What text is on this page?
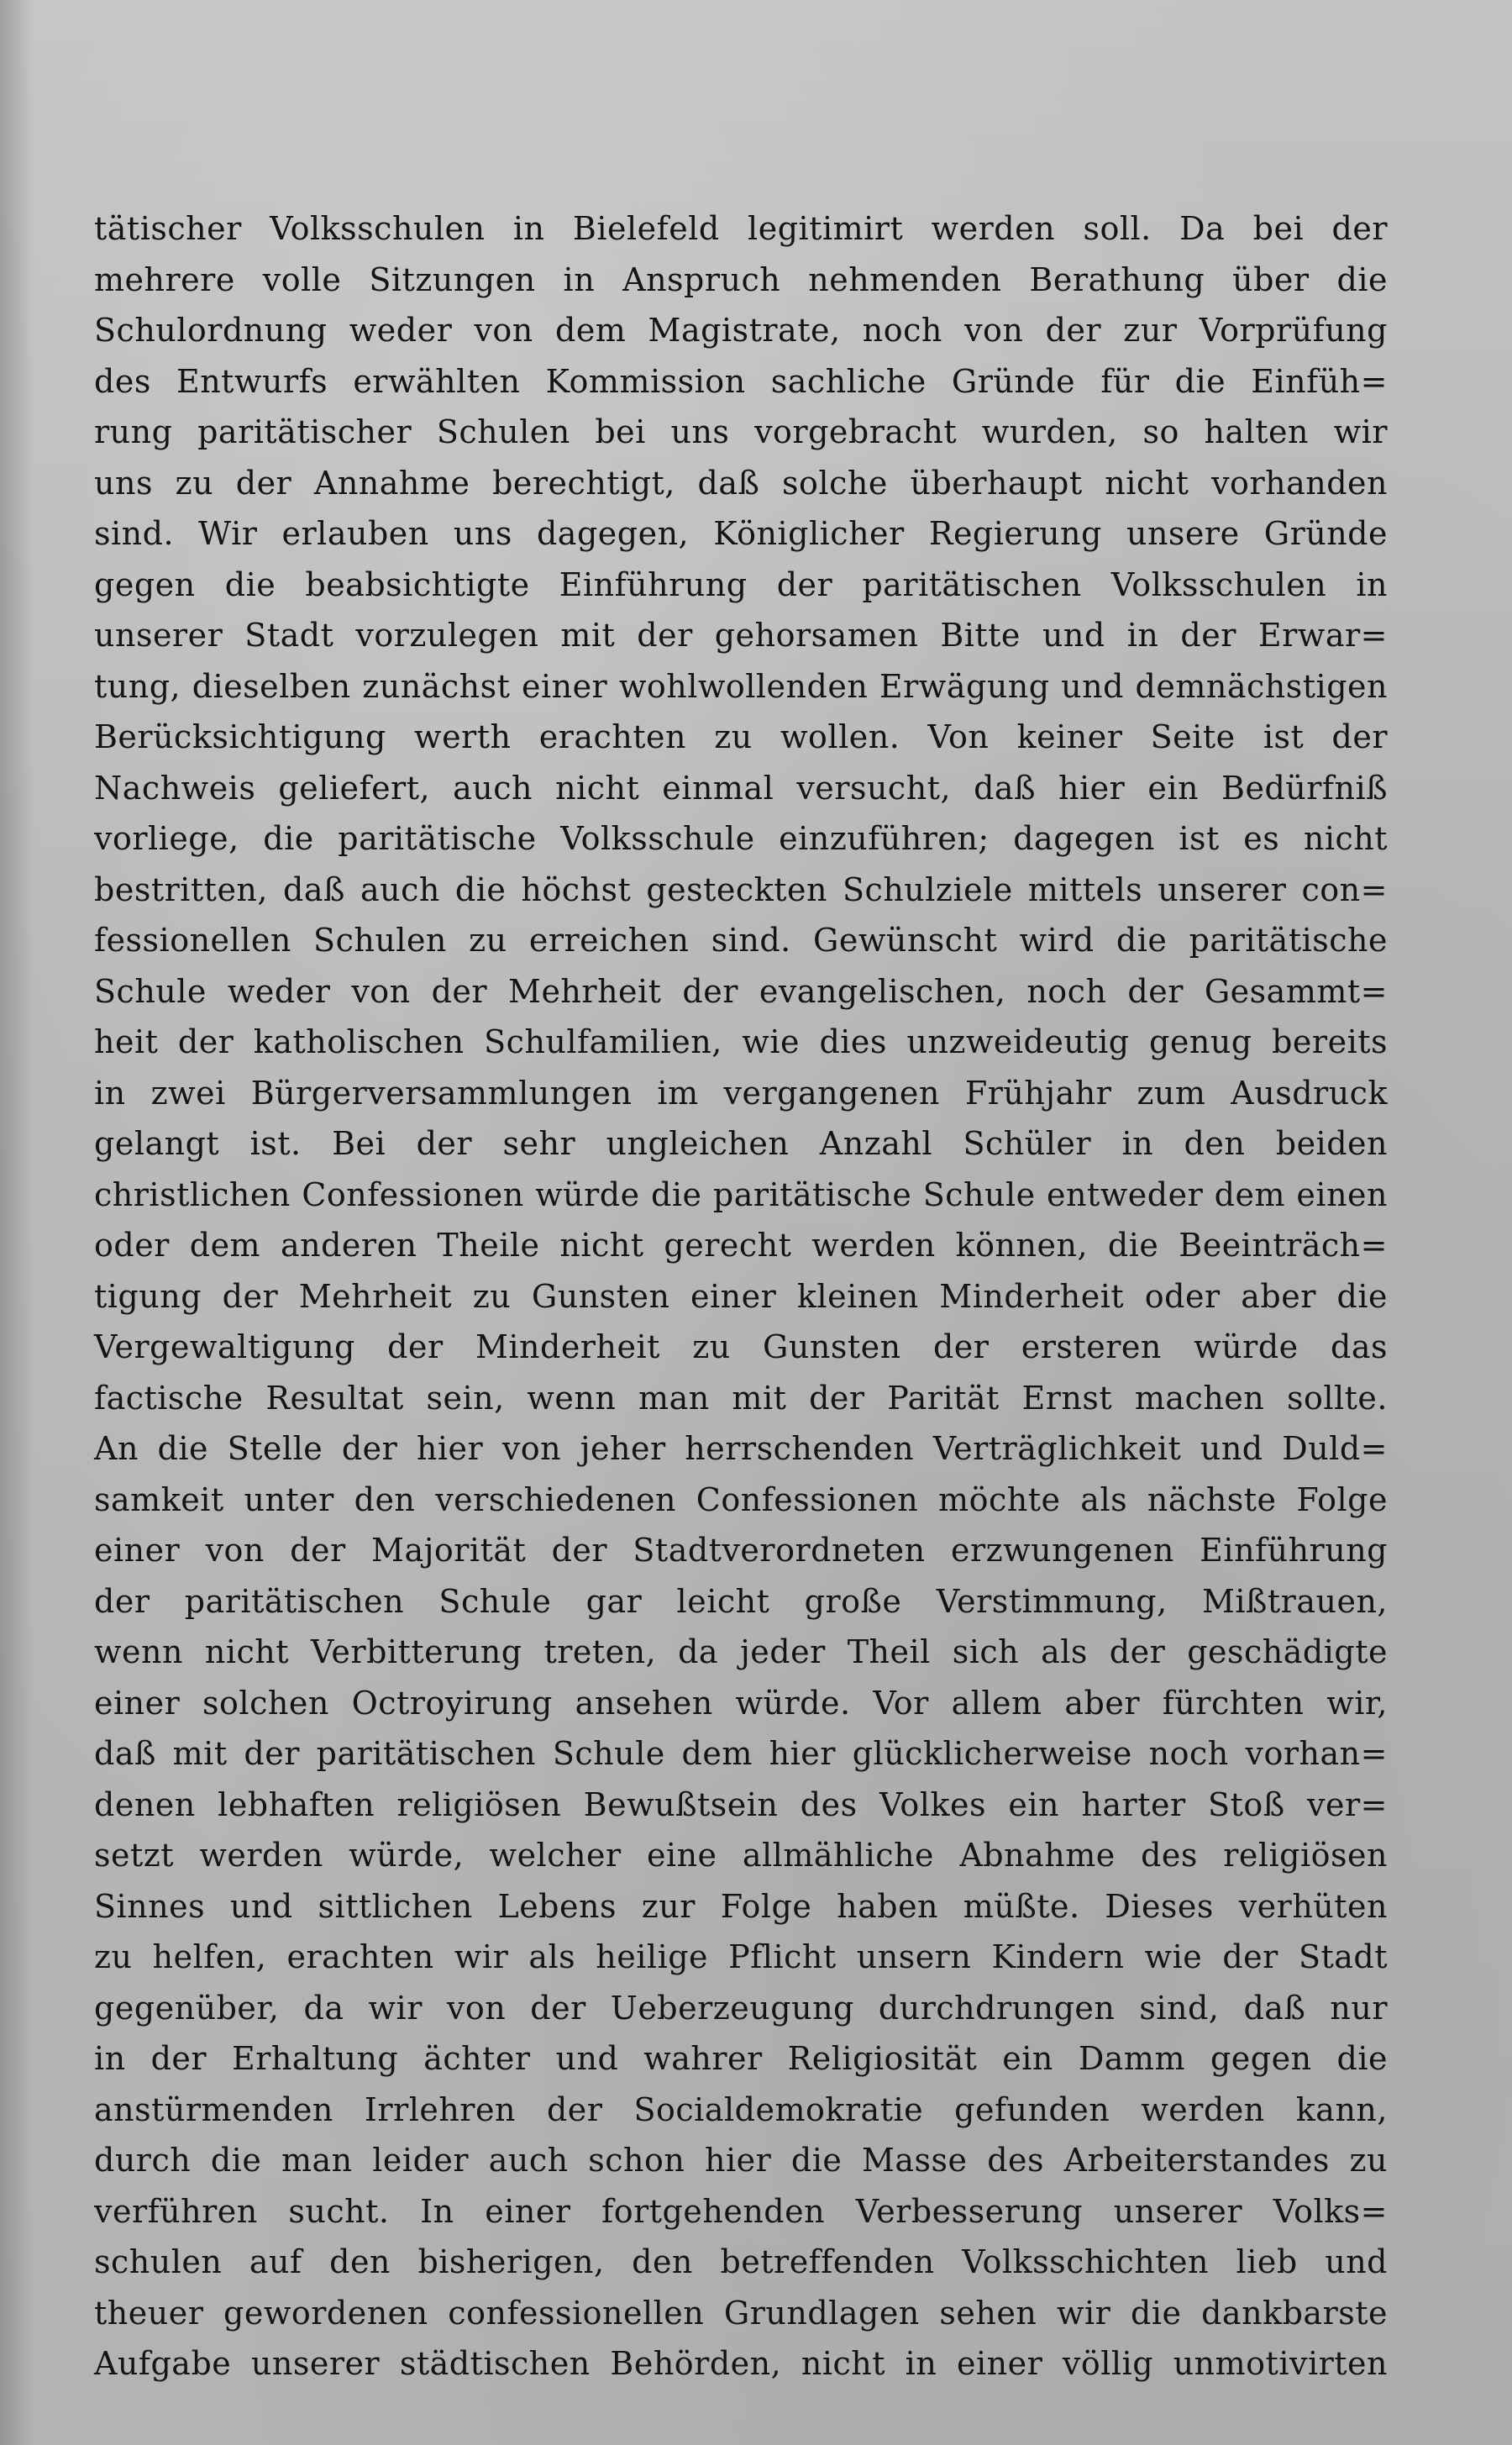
tätischer Volksschulen in Bielefeld legitimirt werden soll. Da bei der
mehrere volle Sitzungen in Anspruch nehmenden Berathung über die
Schulordnung weder von dem Magistrate, noch von der zur Vorprüfung
des Entwurfs erwählten Kommission sachliche Gründe für die Einfüh=
rung paritätischer Schulen bei uns vorgebracht wurden, so halten wir
uns zu der Annahme berechtigt, daß solche überhaupt nicht vorhanden
sind. Wir erlauben uns dagegen, Königlicher Regierung unsere Gründe
gegen die beabsichtigte Einführung der paritätischen Volksschulen in
unserer Stadt vorzulegen mit der gehorsamen Bitte und in der Erwar=
tung, dieselben zunächst einer wohlwollenden Erwägung und demnächstigen
Berücksichtigung werth erachten zu wollen. Von keiner Seite ist der
Nachweis geliefert, auch nicht einmal versucht, daß hier ein Bedürfniß
vorliege, die paritätische Volksschule einzuführen; dagegen ist es nicht
bestritten, daß auch die höchst gesteckten Schulziele mittels unserer con=
fessionellen Schulen zu erreichen sind. Gewünscht wird die paritätische
Schule weder von der Mehrheit der evangelischen, noch der Gesammt=
heit der katholischen Schulfamilien, wie dies unzweideutig genug bereits
in zwei Bürgerversammlungen im vergangenen Frühjahr zum Ausdruck
gelangt ist. Bei der sehr ungleichen Anzahl Schüler in den beiden
christlichen Confessionen würde die paritätische Schule entweder dem einen
oder dem anderen Theile nicht gerecht werden können, die Beeinträch=
tigung der Mehrheit zu Gunsten einer kleinen Minderheit oder aber die
Vergewaltigung der Minderheit zu Gunsten der ersteren würde das
factische Resultat sein, wenn man mit der Parität Ernst machen sollte.
An die Stelle der hier von jeher herrschenden Verträglichkeit und Duld=
samkeit unter den verschiedenen Confessionen möchte als nächste Folge
einer von der Majorität der Stadtverordneten erzwungenen Einführung
der paritätischen Schule gar leicht große Verstimmung, Mißtrauen,
wenn nicht Verbitterung treten, da jeder Theil sich als der geschädigte
einer solchen Octroyirung ansehen würde. Vor allem aber fürchten wir,
daß mit der paritätischen Schule dem hier glücklicherweise noch vorhan=
denen lebhaften religiösen Bewußtsein des Volkes ein harter Stoß ver=
setzt werden würde, welcher eine allmähliche Abnahme des religiösen
Sinnes und sittlichen Lebens zur Folge haben müßte. Dieses verhüten
zu helfen, erachten wir als heilige Pflicht unsern Kindern wie der Stadt
gegenüber, da wir von der Ueberzeugung durchdrungen sind, daß nur
in der Erhaltung ächter und wahrer Religiosität ein Damm gegen die
anstürmenden Irrlehren der Socialdemokratie gefunden werden kann,
durch die man leider auch schon hier die Masse des Arbeiterstandes zu
verführen sucht. In einer fortgehenden Verbesserung unserer Volks=
schulen auf den bisherigen, den betreffenden Volksschichten lieb und
theuer gewordenen confessionellen Grundlagen sehen wir die dankbarste
Aufgabe unserer städtischen Behörden, nicht in einer völlig unmotivirten
